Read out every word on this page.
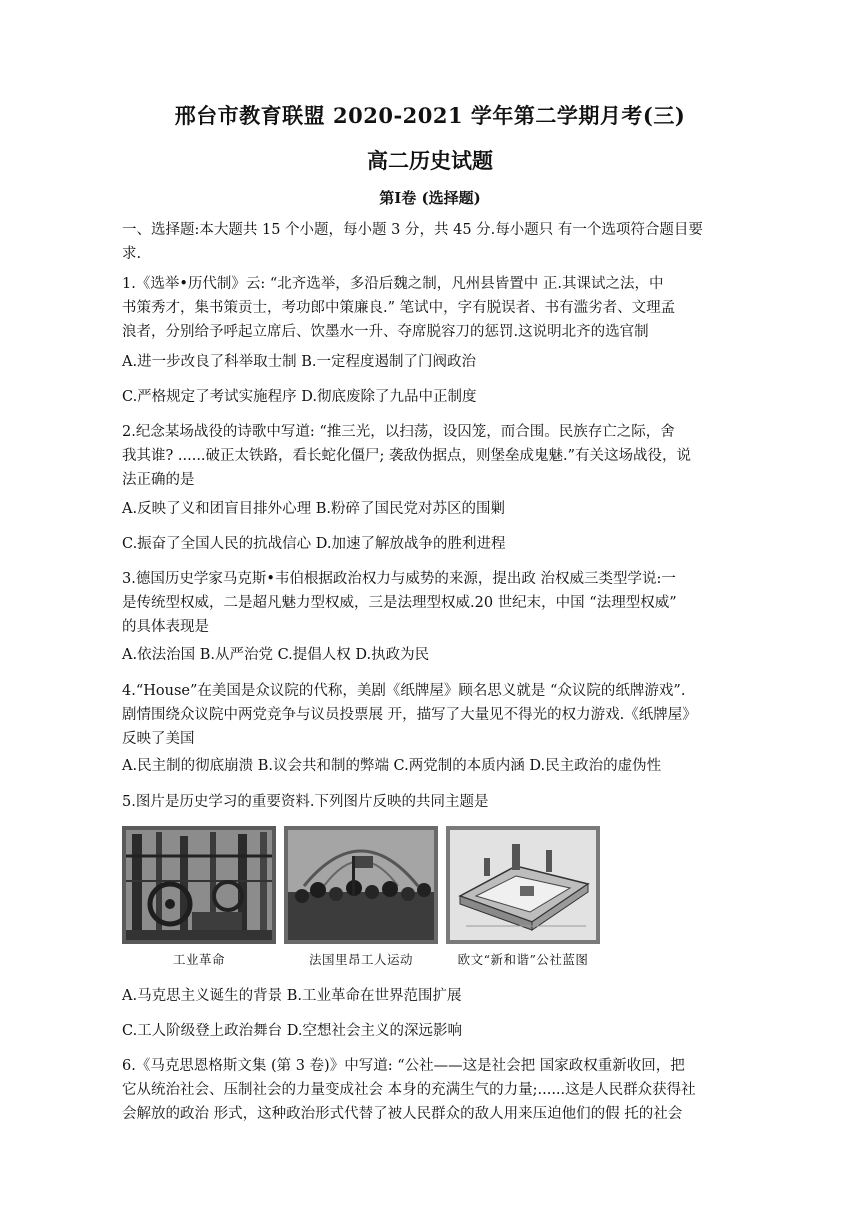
邢台市教育联盟 2020-2021 学年第二学期月考(三)
高二历史试题
第Ⅰ卷 (选择题)
一、选择题:本大题共 15 个小题，每小题 3 分，共 45 分.每小题只 有一个选项符合题目要
求.
1.《选举•历代制》云: “北齐选举，多沿后魏之制，凡州县皆置中 正.其课试之法，中
书策秀才，集书策贡士，考功郎中策廉良.” 笔试中，字有脱误者、书有滥劣者、文理孟
浪者，分别给予呼起立席后、饮墨水一升、夺席脱容刀的惩罚.这说明北齐的选官制
A.进一步改良了科举取士制 B.一定程度遏制了门阀政治
C.严格规定了考试实施程序 D.彻底废除了九品中正制度
2.纪念某场战役的诗歌中写道: “推三光，以扫荡，设囚笼，而合围。民族存亡之际，舍
我其谁? ......破正太铁路，看长蛇化僵尸; 袭敌伪据点，则堡垒成鬼魅.”有关这场战役，说
法正确的是
A.反映了义和团盲目排外心理 B.粉碎了国民党对苏区的围剿
C.振奋了全国人民的抗战信心 D.加速了解放战争的胜利进程
3.德国历史学家马克斯•韦伯根据政治权力与威势的来源，提出政 治权威三类型学说:一
是传统型权威，二是超凡魅力型权威，三是法理型权威.20 世纪末，中国 “法理型权威”
的具体表现是
A.依法治国 B.从严治党 C.提倡人权 D.执政为民
4.“House”在美国是众议院的代称，美剧《纸牌屋》顾名思义就是 “众议院的纸牌游戏”.
剧情围绕众议院中两党竞争与议员投票展 开，描写了大量见不得光的权力游戏.《纸牌屋》
反映了美国
A.民主制的彻底崩溃 B.议会共和制的弊端 C.两党制的本质内涵 D.民主政治的虚伪性
5.图片是历史学习的重要资料.下列图片反映的共同主题是
工业革命	法国里昂工人运动	欧文“新和谐”公社蓝图
A.马克思主义诞生的背景 B.工业革命在世界范围扩展
C.工人阶级登上政治舞台 D.空想社会主义的深远影响
6.《马克思恩格斯文集 (第 3 卷)》中写道: “公社——这是社会把 国家政权重新收回，把
它从统治社会、压制社会的力量变成社会 本身的充满生气的力量;......这是人民群众获得社
会解放的政治 形式，这种政治形式代替了被人民群众的敌人用来压迫他们的假 托的社会
